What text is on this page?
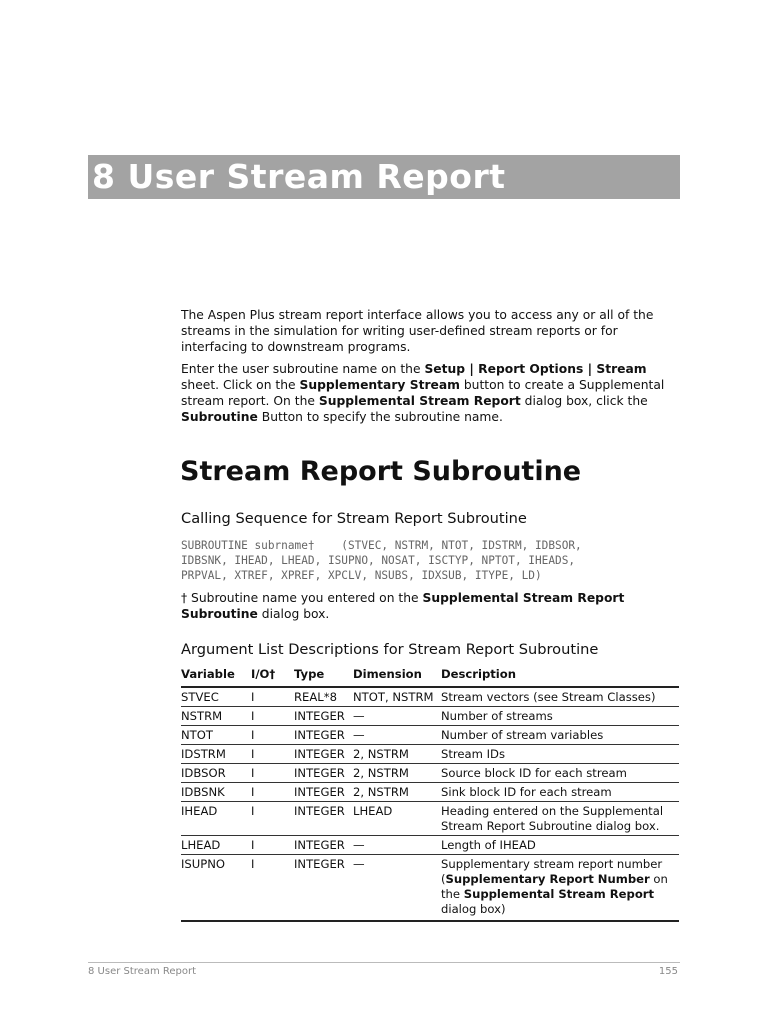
8 User Stream Report

The Aspen Plus stream report interface allows you to access any or all of the streams in the simulation for writing user-defined stream reports or for interfacing to downstream programs.

Enter the user subroutine name on the Setup | Report Options | Stream sheet. Click on the Supplementary Stream button to create a Supplemental stream report. On the Supplemental Stream Report dialog box, click the Subroutine Button to specify the subroutine name.

Stream Report Subroutine
Calling Sequence for Stream Report Subroutine
SUBROUTINE subrname†    (STVEC, NSTRM, NTOT, IDSTRM, IDBSOR,
IDBSNK, IHEAD, LHEAD, ISUPNO, NOSAT, ISCTYP, NPTOT, IHEADS,
PRPVAL, XTREF, XPREF, XPCLV, NSUBS, IDXSUB, ITYPE, LD)
† Subroutine name you entered on the Supplemental Stream Report Subroutine dialog box.
Argument List Descriptions for Stream Report Subroutine
Variable	I/O†	Type	Dimension	Description
STVEC	I	REAL*8	NTOT, NSTRM	Stream vectors (see Stream Classes)
NSTRM	I	INTEGER	—	Number of streams
NTOT	I	INTEGER	—	Number of stream variables
IDSTRM	I	INTEGER	2, NSTRM	Stream IDs
IDBSOR	I	INTEGER	2, NSTRM	Source block ID for each stream
IDBSNK	I	INTEGER	2, NSTRM	Sink block ID for each stream
IHEAD	I	INTEGER	LHEAD	Heading entered on the Supplemental Stream Report Subroutine dialog box.
LHEAD	I	INTEGER	—	Length of IHEAD
ISUPNO	I	INTEGER	—	Supplementary stream report number (Supplementary Report Number on the Supplemental Stream Report dialog box)
8 User Stream Report	155
